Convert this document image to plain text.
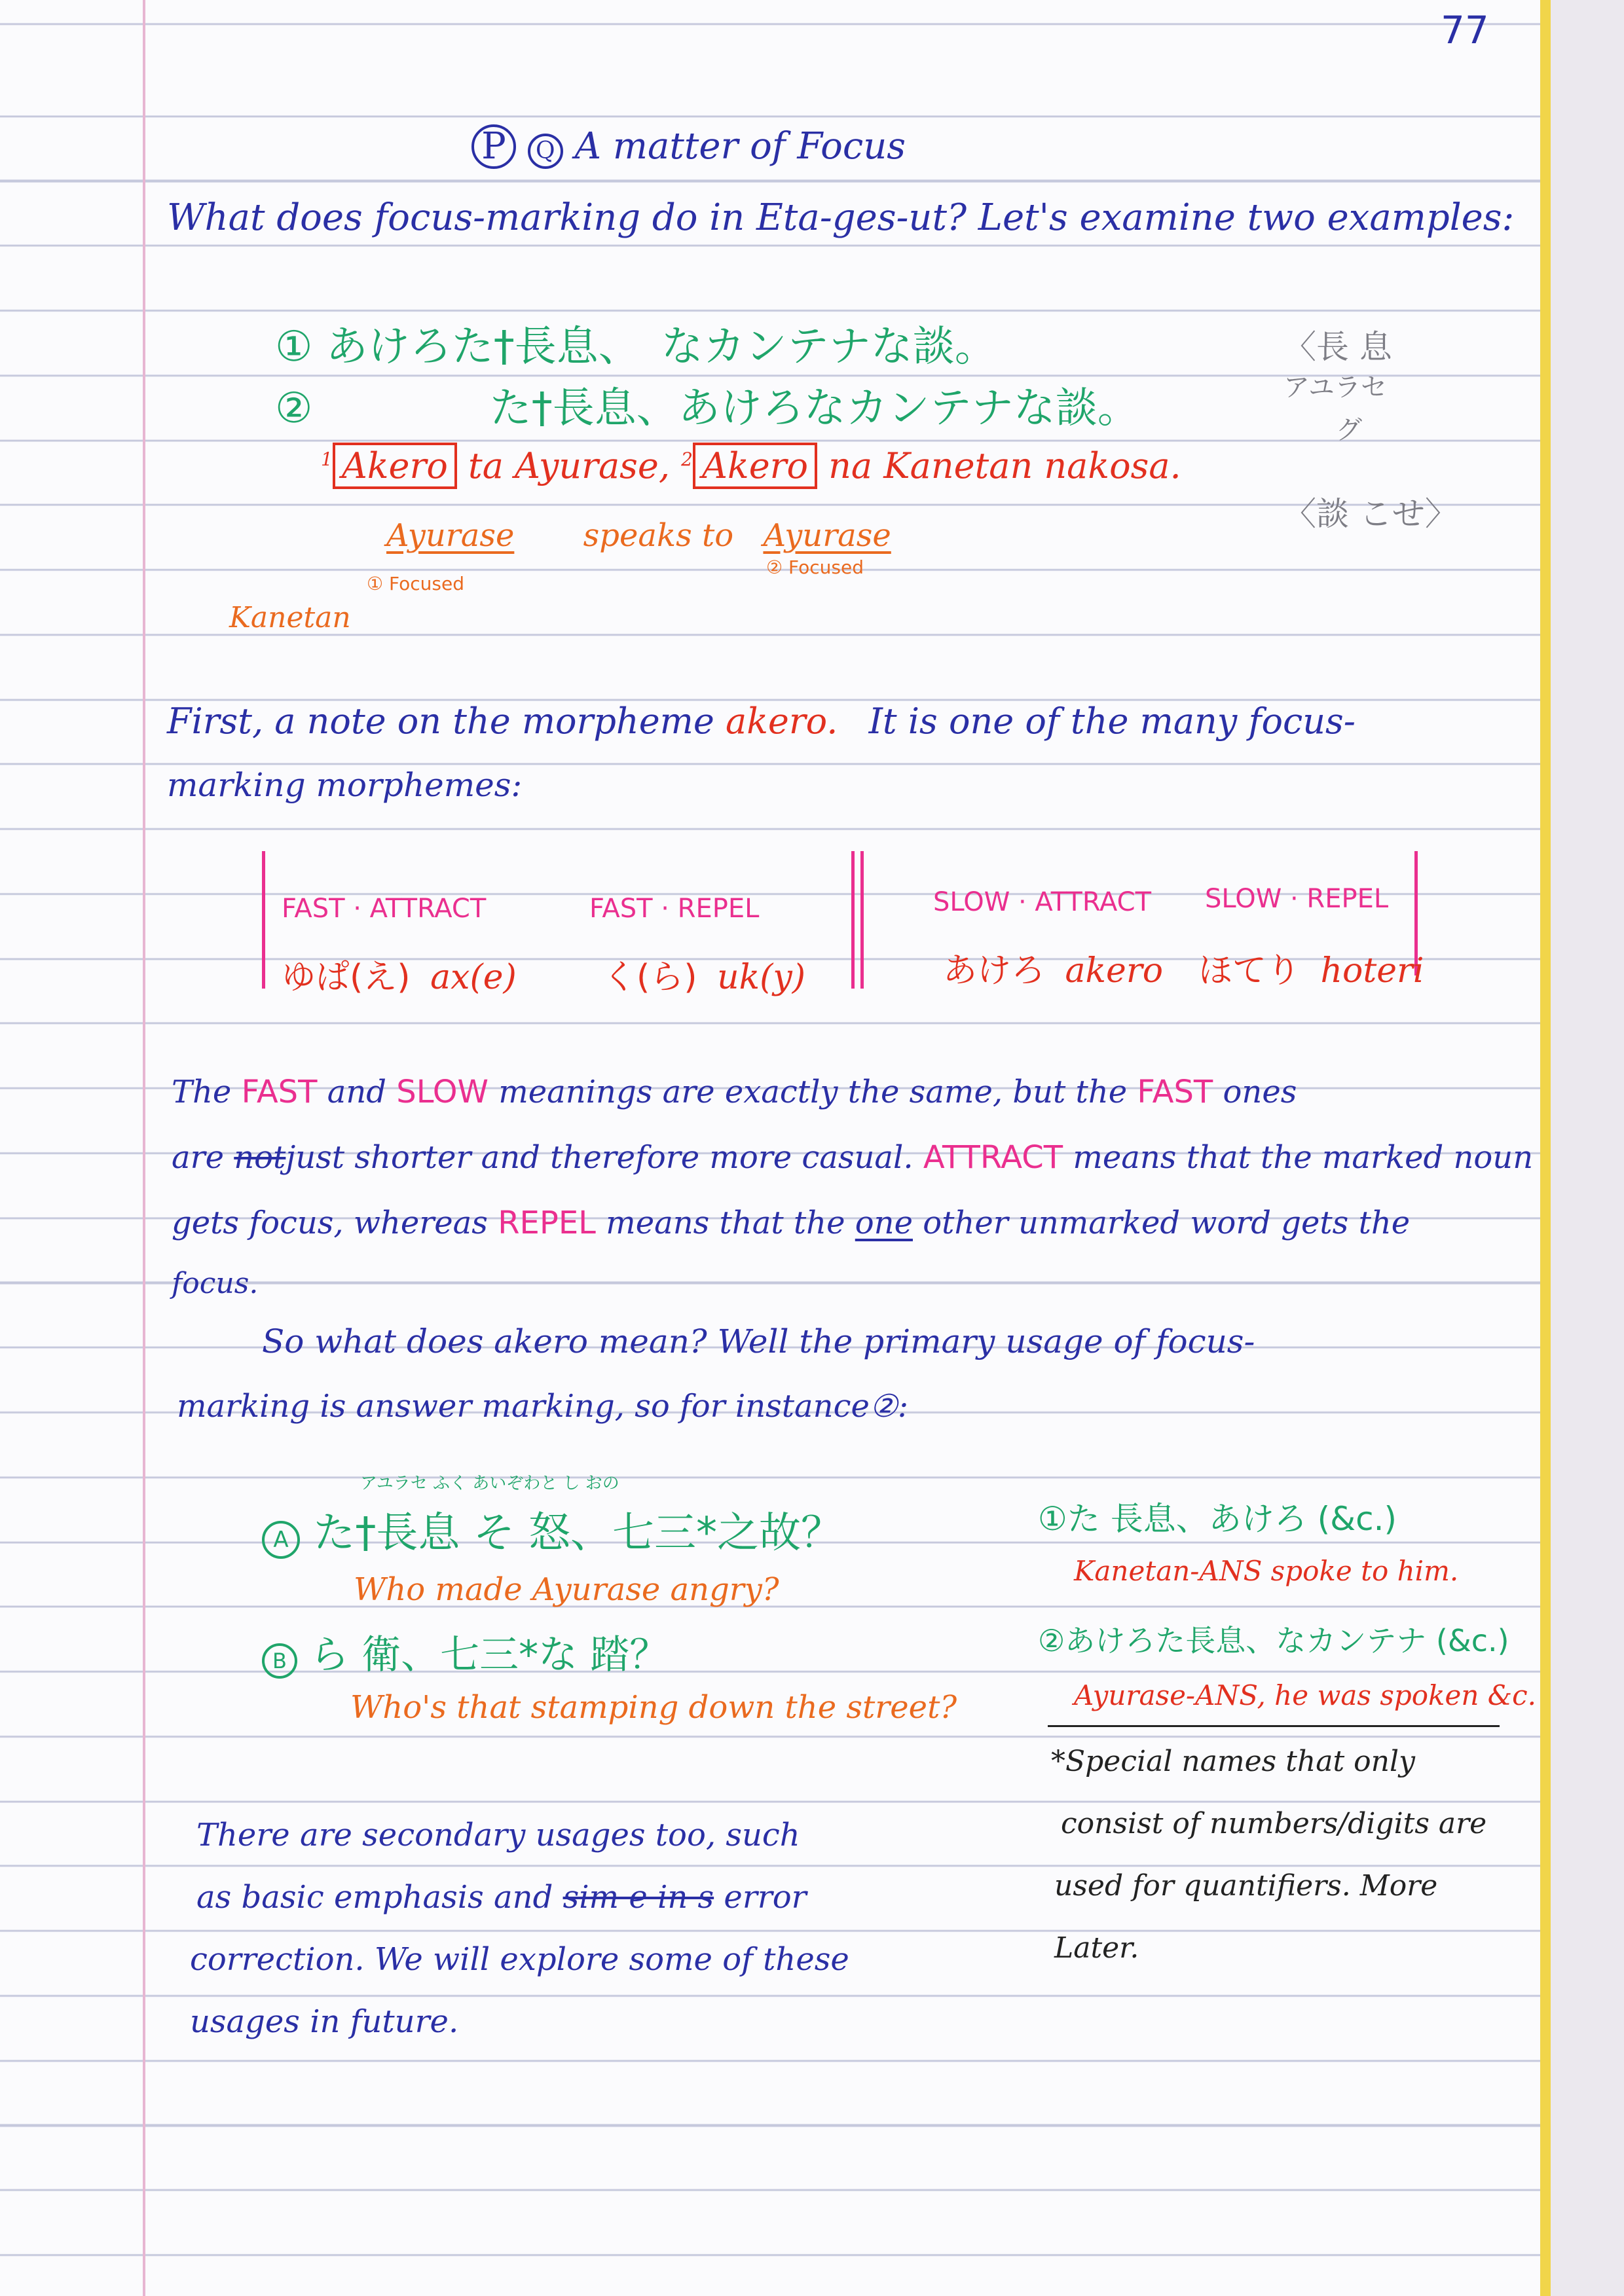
77
P Q A matter of Focus
What does focus-marking do in Eta-ges-ut? Let's examine two examples:
① あけろた†長息、　なカンテナな談。
②	た†長息、あけろなカンテナな談。
$^1$ Akero ta Ayurase, $^2$ Akero na Kanetan nakosa.
Ayurase speaks to Ayurase
① Focused
② Focused
Kanetan
〈長 息
アユラセ
グ
〈談 こせ〉
First, a note on the morpheme akero. It is one of the many focus-
marking morphemes:
FAST · ATTRACT	FAST · REPEL	SLOW · ATTRACT SLOW · REPEL
ゆぱ(え) ax(e)	く(ら) uk(y)	あけろ akero ほてり hoteri
The FAST and SLOW meanings are exactly the same, but the FAST ones
are notjust shorter and therefore more casual. ATTRACT means that the marked noun
gets focus, whereas REPEL means that the one other unmarked word gets the
focus.
So what does akero mean? Well the primary usage of focus-
marking is answer marking, so for instance②:
アユラセ ふく あいぞわと し おの
A た†長息 そ 怒、七三*之故？
Who made Ayurase angry?
B ら 衛、七三*な 踏？
Who's that stamping down the street?
①た 長息、あけろ (&c.)
Kanetan-ANS spoke to him.
②あけろた長息、なカンテナ (&c.)
Ayurase-ANS, he was spoken &c.
*Special names that only
consist of numbers/digits are
used for quantifiers. More
Later.
There are secondary usages too, such
as basic emphasis and sim e in s error
correction. We will explore some of these
usages in future.
